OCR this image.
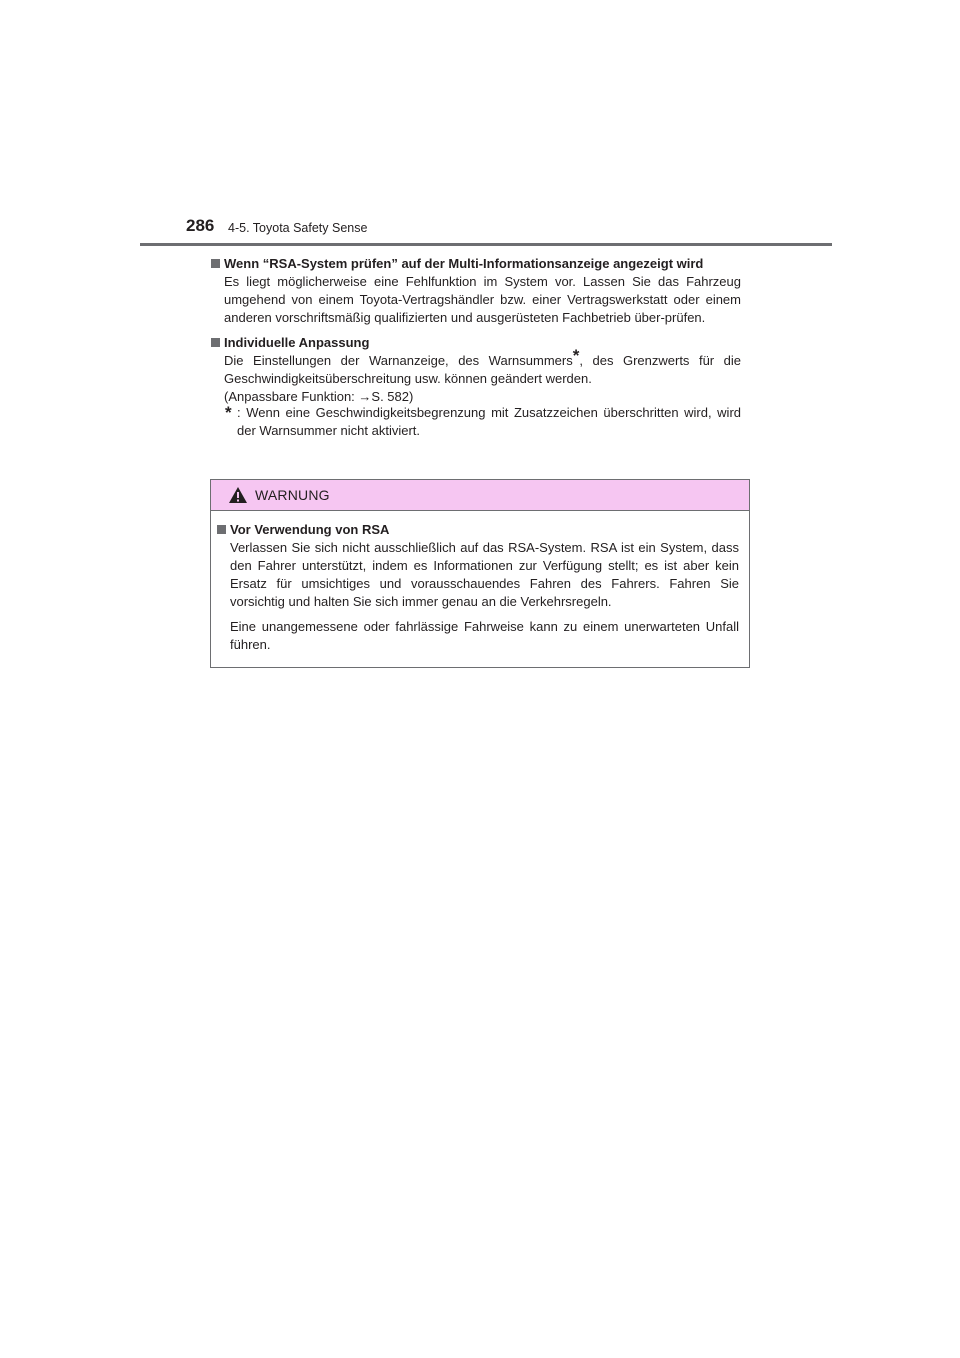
286 4-5. Toyota Safety Sense
Wenn “RSA-System prüfen” auf der Multi-Informationsanzeige angezeigt wird

Es liegt möglicherweise eine Fehlfunktion im System vor. Lassen Sie das Fahrzeug umgehend von einem Toyota-Vertragshändler bzw. einer Vertragswerkstatt oder einem anderen vorschriftsmäßig qualifizierten und ausgerüsteten Fachbetrieb über-prüfen.

Individuelle Anpassung

Die Einstellungen der Warnanzeige, des Warnsummers*, des Grenzwerts für die Geschwindigkeitsüberschreitung usw. können geändert werden.

(Anpassbare Funktion: →S. 582)

* : Wenn eine Geschwindigkeitsbegrenzung mit Zusatzzeichen überschritten wird, wird der Warnsummer nicht aktiviert.
WARNUNG
Vor Verwendung von RSA

Verlassen Sie sich nicht ausschließlich auf das RSA-System. RSA ist ein System, dass den Fahrer unterstützt, indem es Informationen zur Verfügung stellt; es ist aber kein Ersatz für umsichtiges und vorausschauendes Fahren des Fahrers. Fahren Sie vorsichtig und halten Sie sich immer genau an die Verkehrsregeln.

Eine unangemessene oder fahrlässige Fahrweise kann zu einem unerwarteten Unfall führen.
